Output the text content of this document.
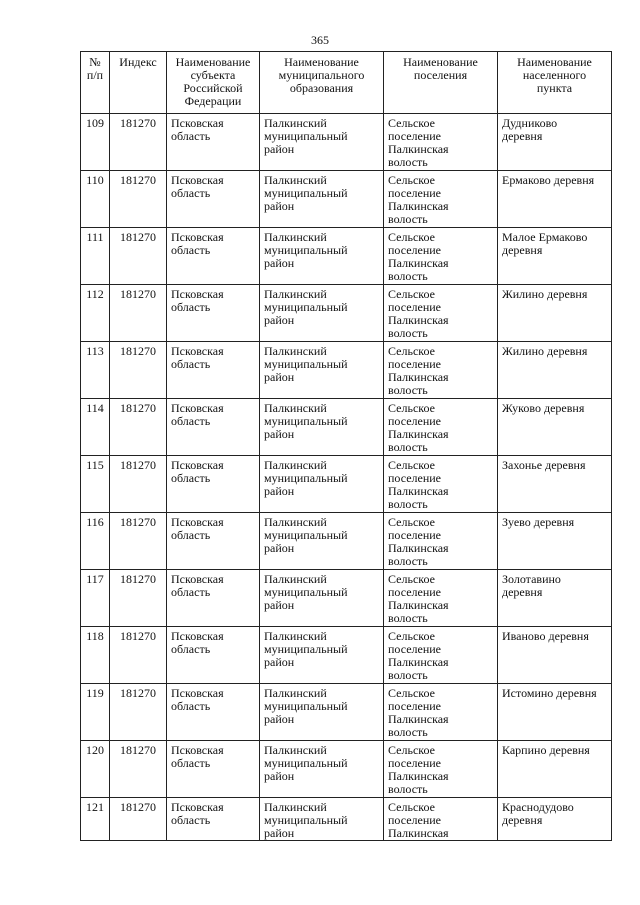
365
№
п/п	Индекс	Наименование
субъекта
Российской
Федерации	Наименование
муниципального
образования	Наименование
поселения	Наименование
населенного
пункта
109	181270	Псковская
область	Палкинский
муниципальный
район	Сельское
поселение
Палкинская
волость	Дудниково
деревня
110	181270	Псковская
область	Палкинский
муниципальный
район	Сельское
поселение
Палкинская
волость	Ермаково деревня
111	181270	Псковская
область	Палкинский
муниципальный
район	Сельское
поселение
Палкинская
волость	Малое Ермаково
деревня
112	181270	Псковская
область	Палкинский
муниципальный
район	Сельское
поселение
Палкинская
волость	Жилино деревня
113	181270	Псковская
область	Палкинский
муниципальный
район	Сельское
поселение
Палкинская
волость	Жилино деревня
114	181270	Псковская
область	Палкинский
муниципальный
район	Сельское
поселение
Палкинская
волость	Жуково деревня
115	181270	Псковская
область	Палкинский
муниципальный
район	Сельское
поселение
Палкинская
волость	Захонье деревня
116	181270	Псковская
область	Палкинский
муниципальный
район	Сельское
поселение
Палкинская
волость	Зуево деревня
117	181270	Псковская
область	Палкинский
муниципальный
район	Сельское
поселение
Палкинская
волость	Золотавино
деревня
118	181270	Псковская
область	Палкинский
муниципальный
район	Сельское
поселение
Палкинская
волость	Иваново деревня
119	181270	Псковская
область	Палкинский
муниципальный
район	Сельское
поселение
Палкинская
волость	Истомино деревня
120	181270	Псковская
область	Палкинский
муниципальный
район	Сельское
поселение
Палкинская
волость	Карпино деревня
121	181270	Псковская
область	Палкинский
муниципальный
район	Сельское
поселение
Палкинская	Краснодудово
деревня
